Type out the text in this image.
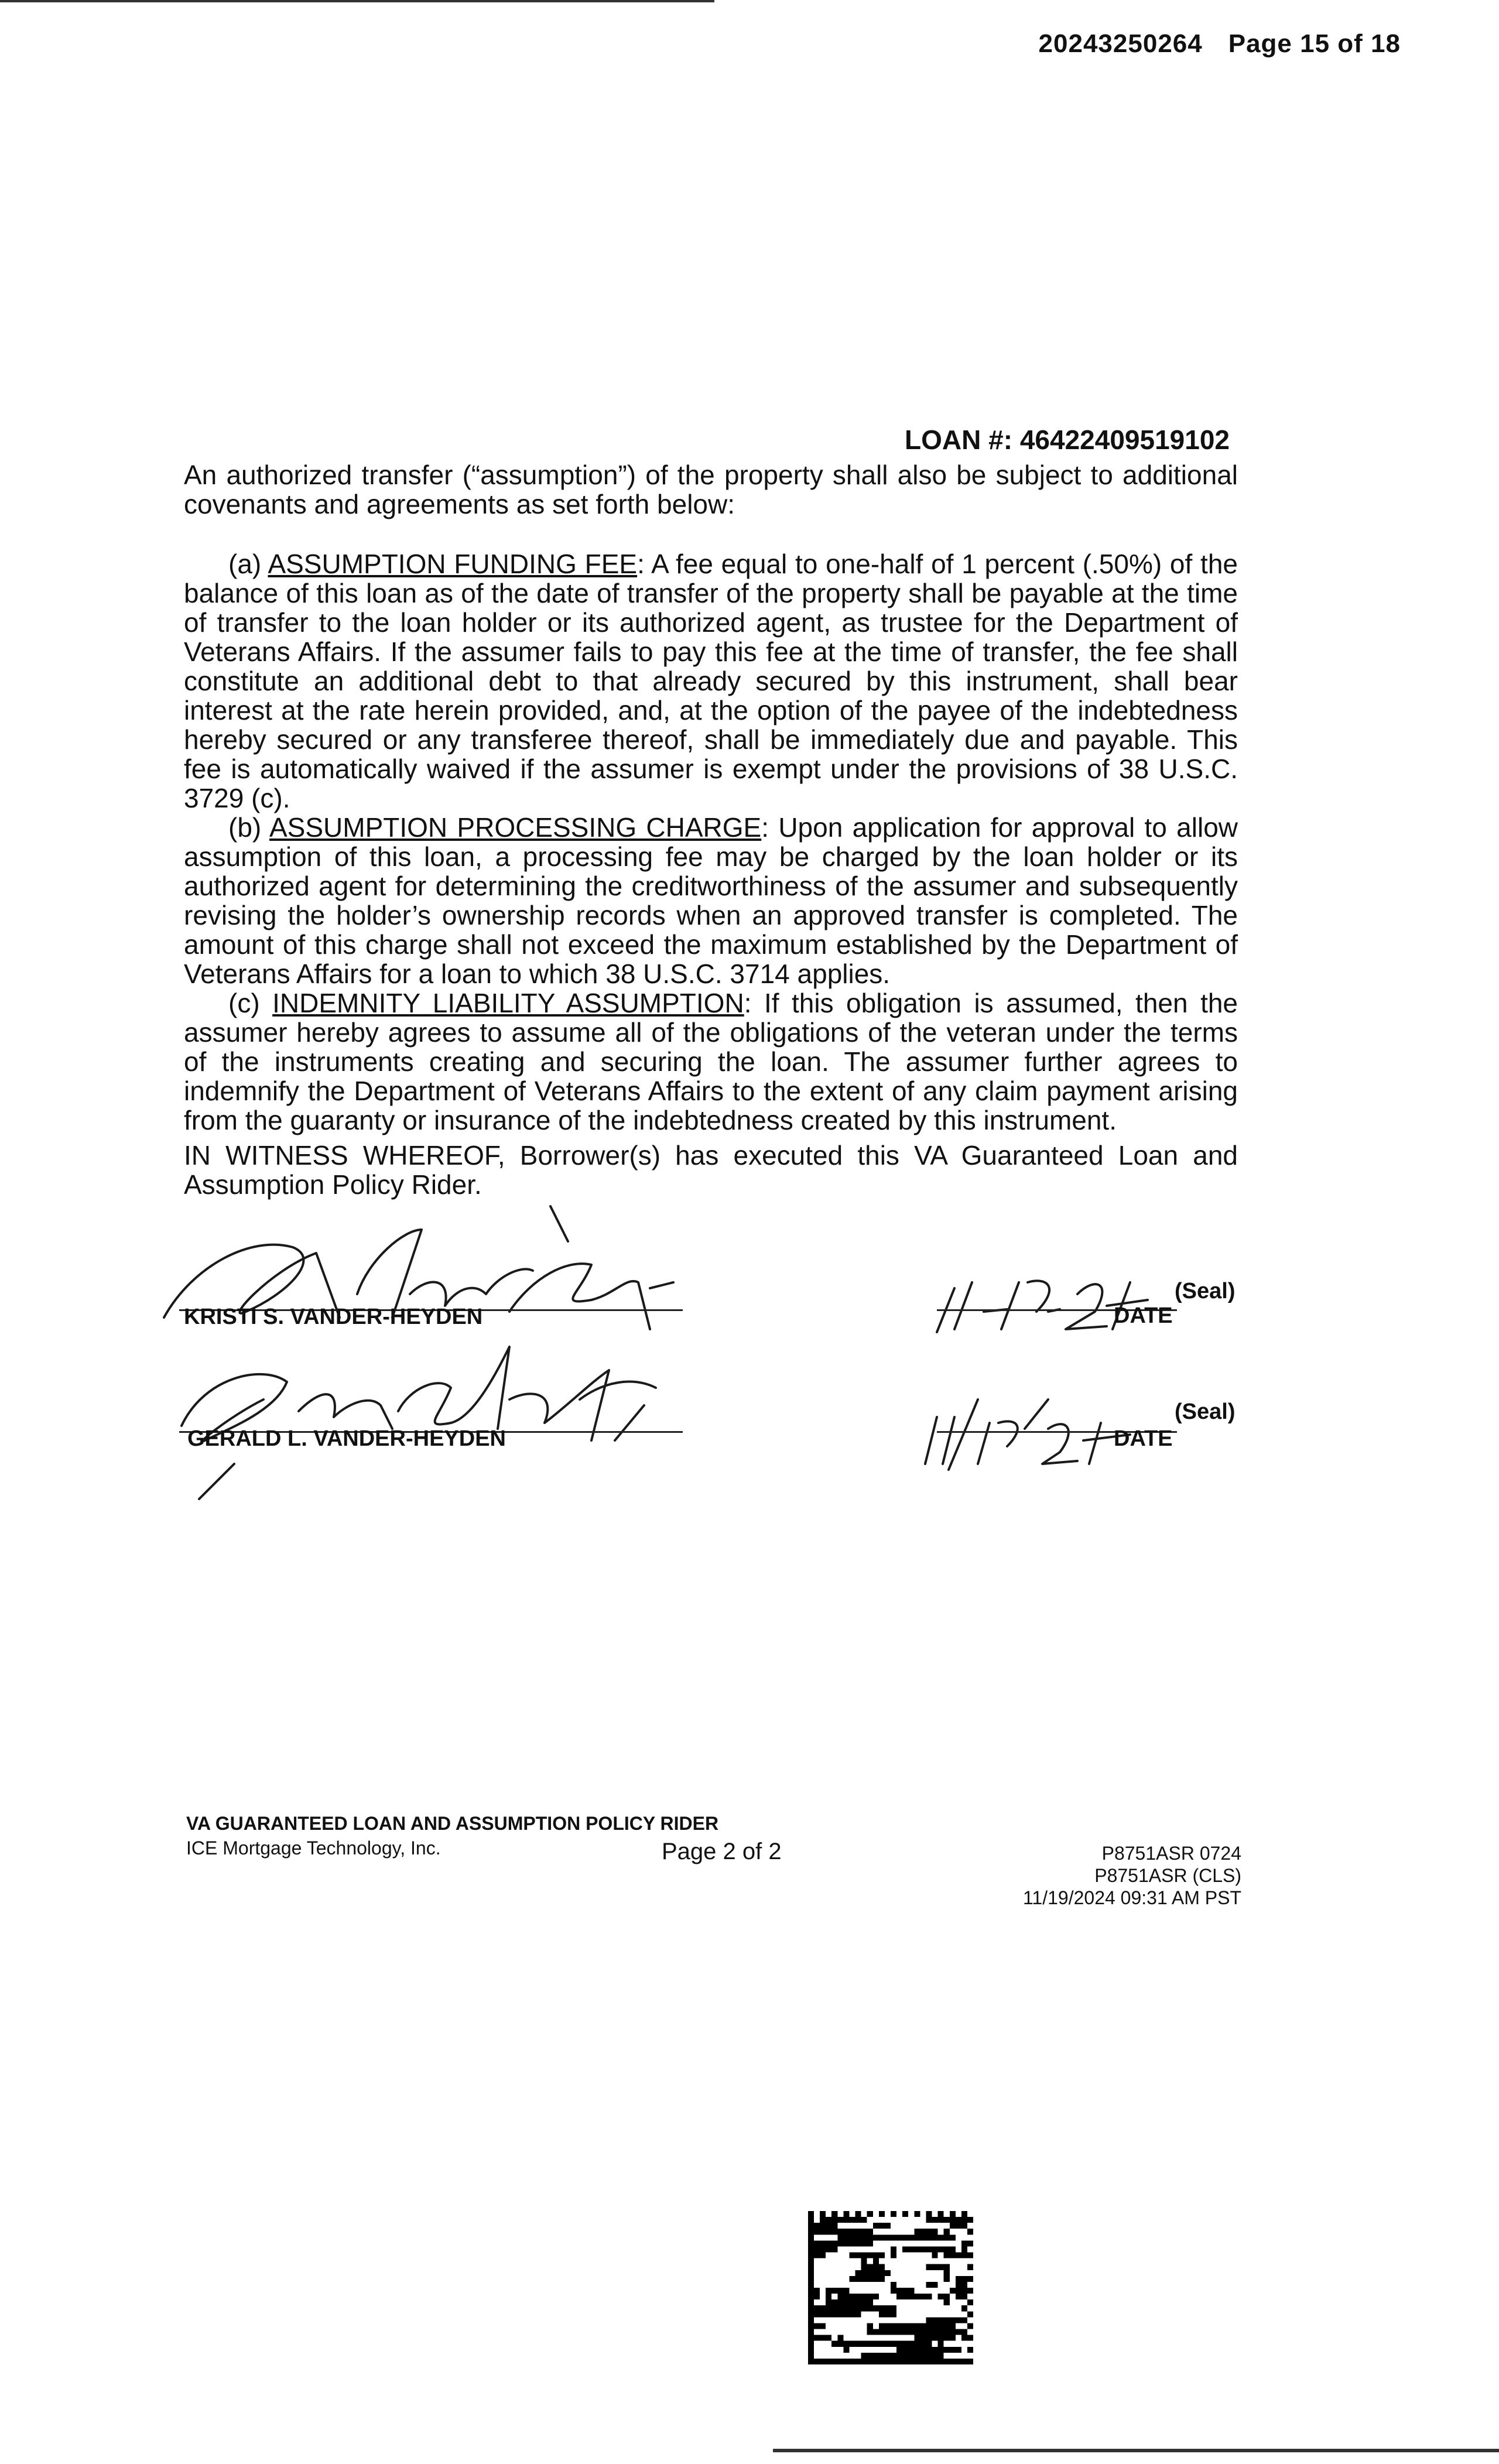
20243250264 Page 15 of 18
LOAN #: 46422409519102
An authorized transfer (“assumption”) of the property shall also be subject to additional covenants and agreements as set forth below:

(a) ASSUMPTION FUNDING FEE: A fee equal to one-half of 1 percent (.50%) of the balance of this loan as of the date of transfer of the property shall be payable at the time of transfer to the loan holder or its authorized agent, as trustee for the Department of Veterans Affairs. If the assumer fails to pay this fee at the time of transfer, the fee shall constitute an additional debt to that already secured by this instrument, shall bear interest at the rate herein provided, and, at the option of the payee of the indebtedness hereby secured or any transferee thereof, shall be immediately due and payable. This fee is automatically waived if the assumer is exempt under the provisions of 38 U.S.C. 3729 (c).

(b) ASSUMPTION PROCESSING CHARGE: Upon application for approval to allow assumption of this loan, a processing fee may be charged by the loan holder or its authorized agent for determining the creditworthiness of the assumer and subsequently revising the holder’s ownership records when an approved transfer is completed. The amount of this charge shall not exceed the maximum established by the Department of Veterans Affairs for a loan to which 38 U.S.C. 3714 applies.

(c) INDEMNITY LIABILITY ASSUMPTION: If this obligation is assumed, then the assumer hereby agrees to assume all of the obligations of the veteran under the terms of the instruments creating and securing the loan. The assumer further agrees to indemnify the Department of Veterans Affairs to the extent of any claim payment arising from the guaranty or insurance of the indebtedness created by this instrument.

IN WITNESS WHEREOF, Borrower(s) has executed this VA Guaranteed Loan and Assumption Policy Rider.
KRISTI S. VANDER-HEYDEN	DATE
(Seal)
GERALD L. VANDER-HEYDEN	DATE
(Seal)
VA GUARANTEED LOAN AND ASSUMPTION POLICY RIDER
ICE Mortgage Technology, Inc.	Page 2 of 2	P8751ASR 0724
P8751ASR (CLS)
11/19/2024 09:31 AM PST
